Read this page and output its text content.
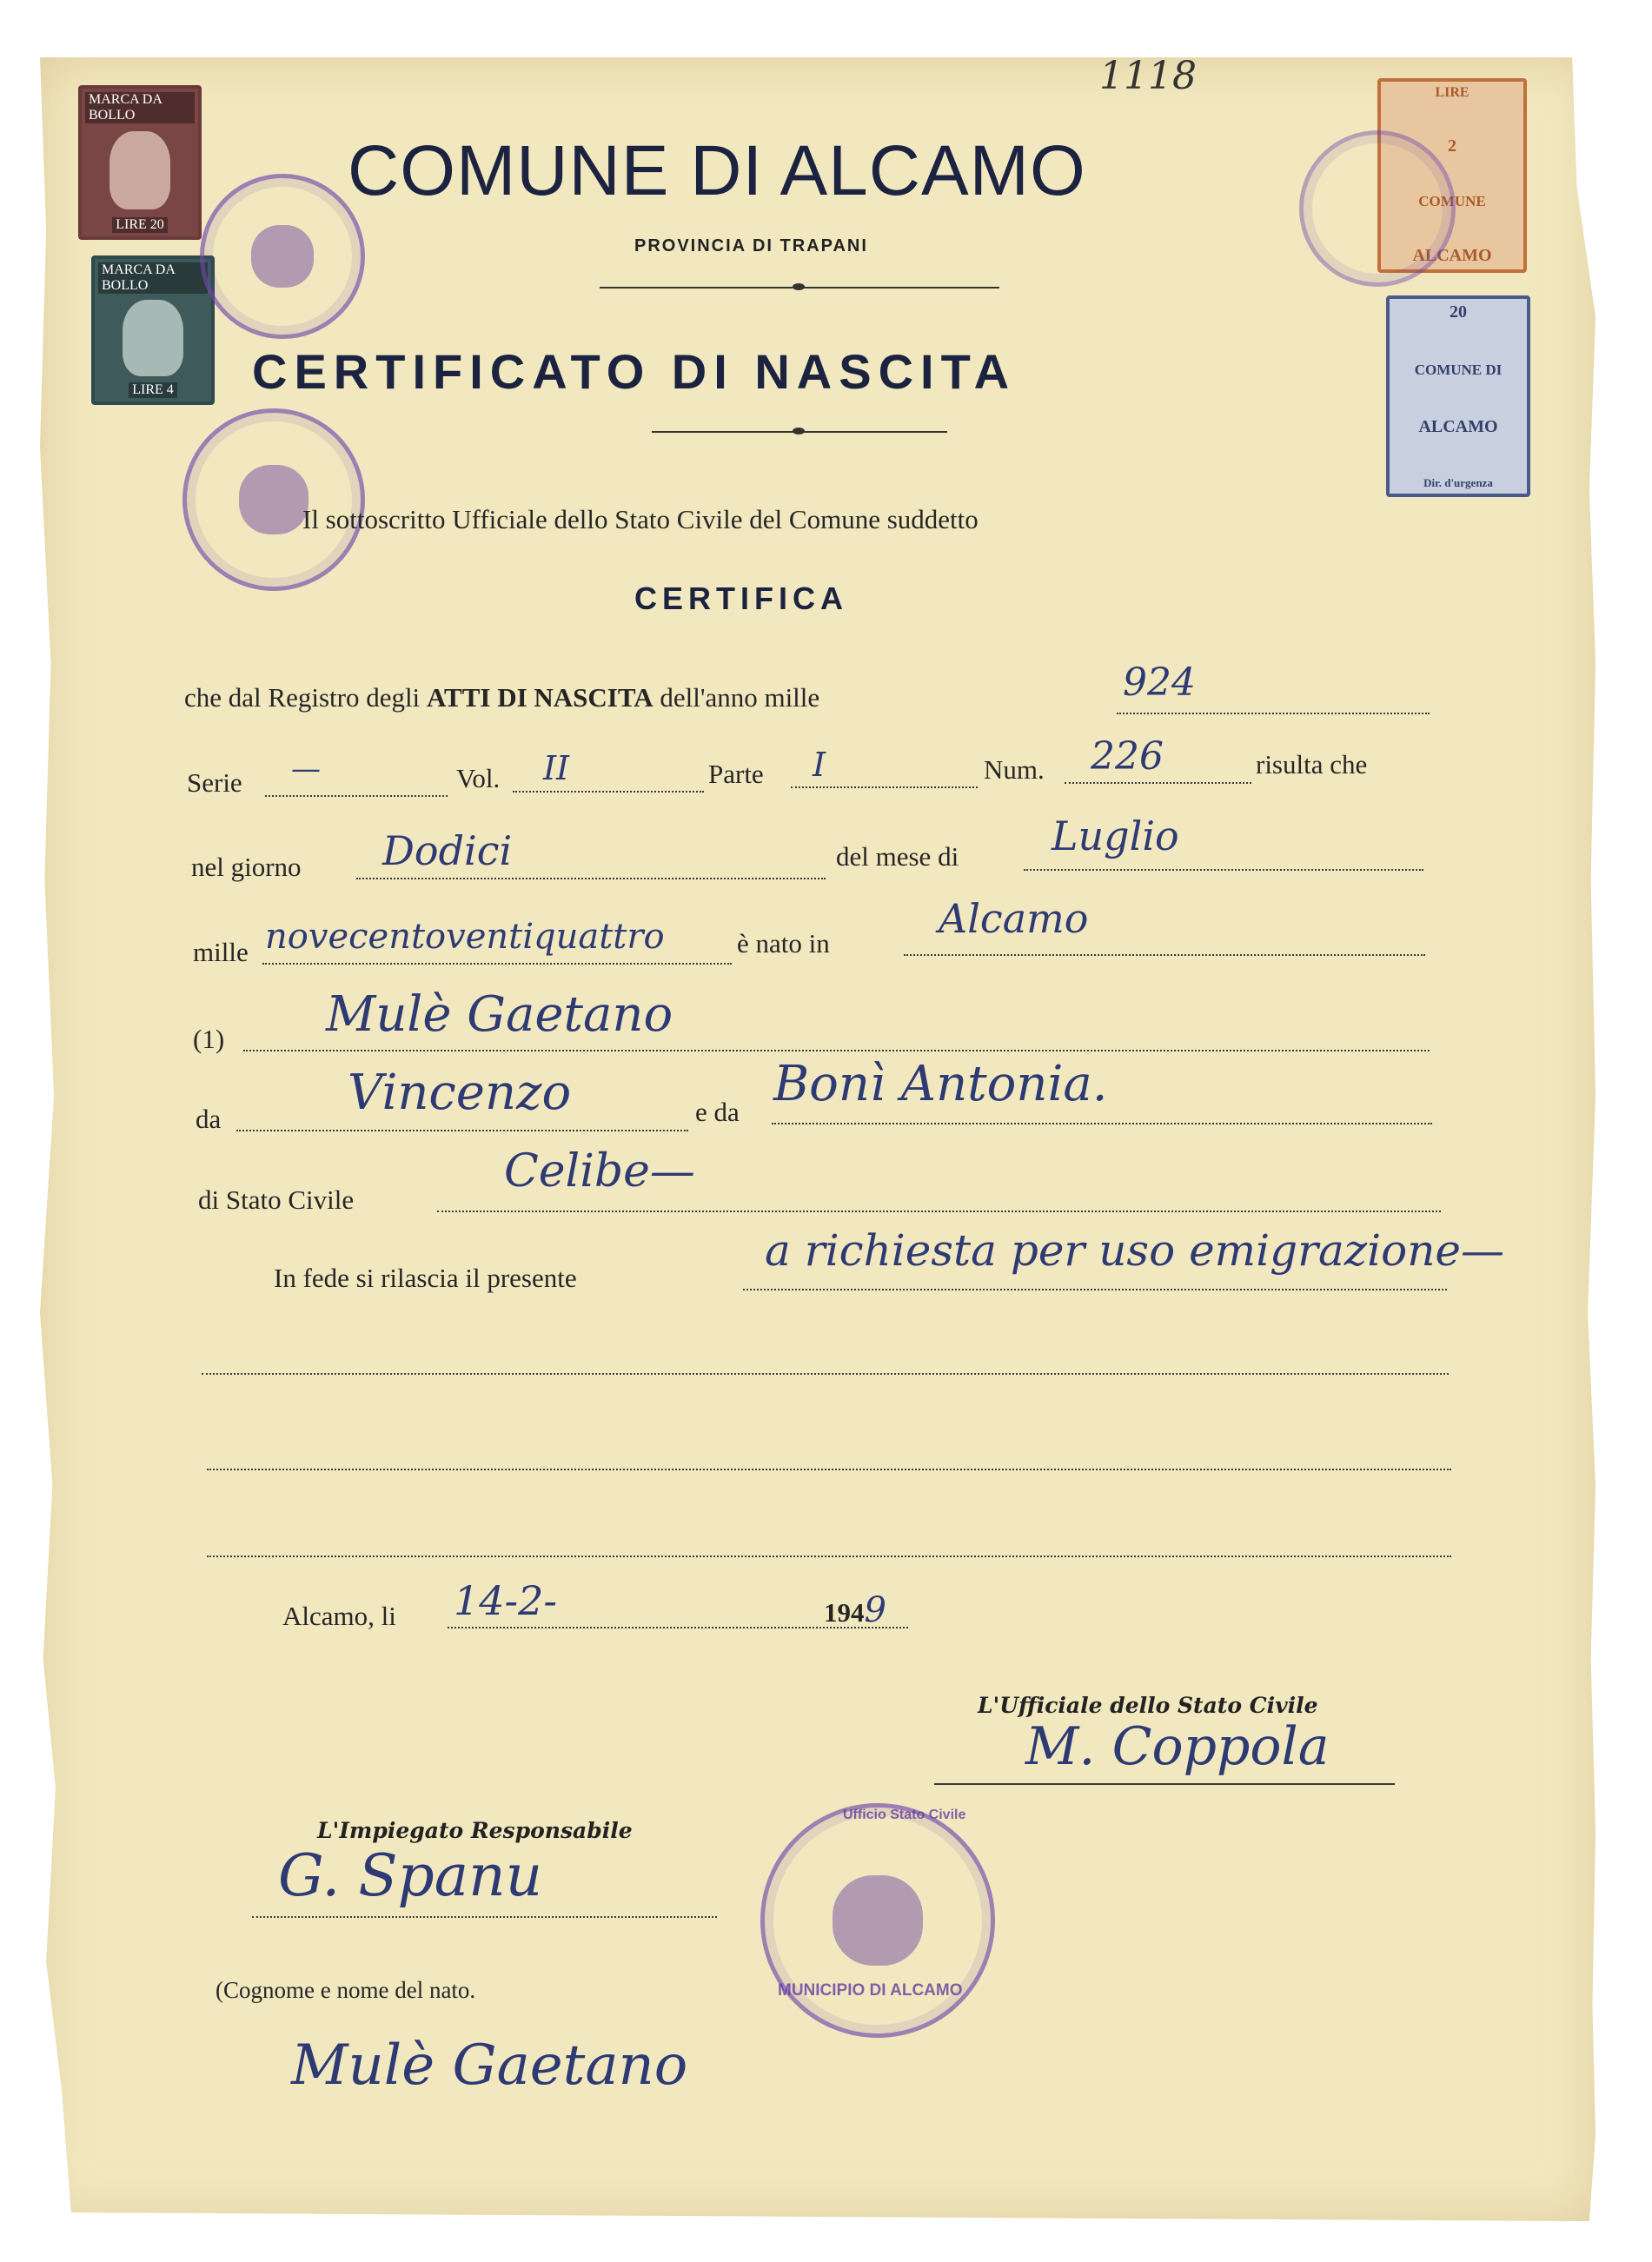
1118
MARCA DA BOLLO
LIRE 20
MARCA DA BOLLO
LIRE 4
LIRE
2
COMUNE
ALCAMO
20
COMUNE DI
ALCAMO
Dir. d'urgenza
MUNICIPIO DI ALCAMO
Ufficio Stato Civile
COMUNE DI ALCAMO
PROVINCIA DI TRAPANI
CERTIFICATO DI NASCITA
Il sottoscritto Ufficiale dello Stato Civile del Comune suddetto
CERTIFICA
che dal Registro degli ATTI DI NASCITA dell'anno mille	924
Serie —	Vol. II	Parte I	Num. 226	risulta che
nel giorno Dodici	del mese di Luglio
mille novecentoventiquattro	è nato in
Alcamo
(1) Mulè Gaetano
da	Vincenzo	e da Bonì Antonia.
di Stato Civile
Celibe—
In fede si rilascia il presente
a richiesta per uso emigrazione—
Alcamo, li 14-2-	1949
L'Ufficiale dello Stato Civile
M. Coppola
L'Impiegato Responsabile
G. Spanu
(Cognome e nome del nato.
Mulè Gaetano
